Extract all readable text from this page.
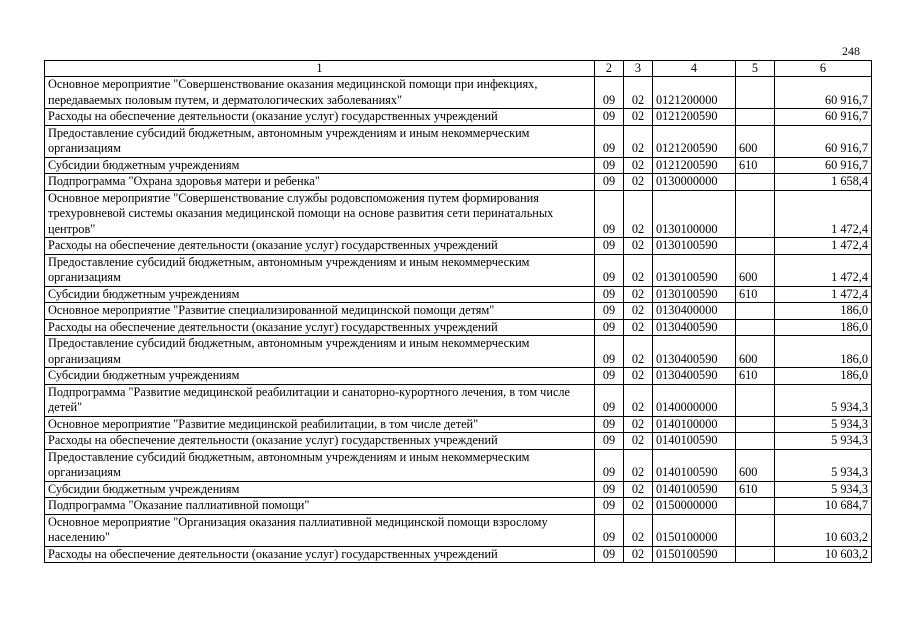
248
1	2	3	4	5	6
Основное мероприятие "Совершенствование оказания медицинской помощи при инфекциях, передаваемых половым путем, и дерматологических заболеваниях"	09	02	0121200000		60 916,7
Расходы на обеспечение деятельности (оказание услуг) государственных учреждений	09	02	0121200590		60 916,7
Предоставление субсидий бюджетным, автономным учреждениям и иным некоммерческим организациям	09	02	0121200590	600	60 916,7
Субсидии бюджетным учреждениям	09	02	0121200590	610	60 916,7
Подпрограмма "Охрана здоровья матери и ребенка"	09	02	0130000000		1 658,4
Основное мероприятие "Совершенствование службы родовспоможения путем формирования трехуровневой системы оказания медицинской помощи на основе развития сети перинатальных центров"	09	02	0130100000		1 472,4
Расходы на обеспечение деятельности (оказание услуг) государственных учреждений	09	02	0130100590		1 472,4
Предоставление субсидий бюджетным, автономным учреждениям и иным некоммерческим организациям	09	02	0130100590	600	1 472,4
Субсидии бюджетным учреждениям	09	02	0130100590	610	1 472,4
Основное мероприятие "Развитие специализированной медицинской помощи детям"	09	02	0130400000		186,0
Расходы на обеспечение деятельности (оказание услуг) государственных учреждений	09	02	0130400590		186,0
Предоставление субсидий бюджетным, автономным учреждениям и иным некоммерческим организациям	09	02	0130400590	600	186,0
Субсидии бюджетным учреждениям	09	02	0130400590	610	186,0
Подпрограмма "Развитие медицинской реабилитации и санаторно-курортного лечения, в том числе детей"	09	02	0140000000		5 934,3
Основное мероприятие "Развитие медицинской реабилитации, в том числе детей"	09	02	0140100000		5 934,3
Расходы на обеспечение деятельности (оказание услуг) государственных учреждений	09	02	0140100590		5 934,3
Предоставление субсидий бюджетным, автономным учреждениям и иным некоммерческим организациям	09	02	0140100590	600	5 934,3
Субсидии бюджетным учреждениям	09	02	0140100590	610	5 934,3
Подпрограмма "Оказание паллиативной помощи"	09	02	0150000000		10 684,7
Основное мероприятие "Организация оказания паллиативной медицинской помощи взрослому населению"	09	02	0150100000		10 603,2
Расходы на обеспечение деятельности (оказание услуг) государственных учреждений	09	02	0150100590		10 603,2
